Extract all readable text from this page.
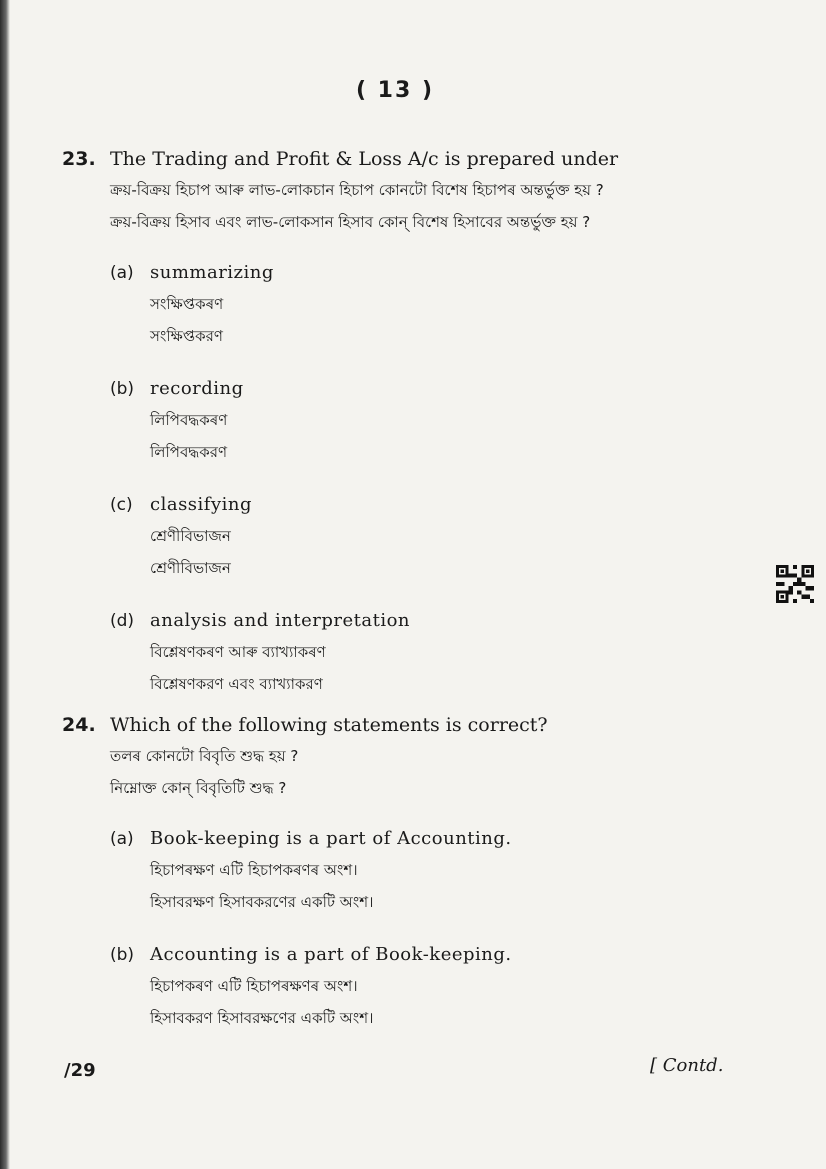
( 13 )
23. The Trading and Profit & Loss A/c is prepared under
ক্ৰয়-বিক্ৰয় হিচাপ আৰু লাভ-লোকচান হিচাপ কোনটো বিশেষ হিচাপৰ অন্তৰ্ভুক্ত হয় ?
ক্রয়-বিক্রয় হিসাব এবং লাভ-লোকসান হিসাব কোন্ বিশেষ হিসাবের অন্তর্ভুক্ত হয় ?
(a) summarizing
সংক্ষিপ্তকৰণ
সংক্ষিপ্তকরণ
(b) recording
লিপিবদ্ধকৰণ
লিপিবদ্ধকরণ
(c) classifying
শ্ৰেণীবিভাজন
শ্রেণীবিভাজন
(d) analysis and interpretation
বিশ্লেষণকৰণ আৰু ব্যাখ্যাকৰণ
বিশ্লেষণকরণ এবং ব্যাখ্যাকরণ
24. Which of the following statements is correct?
তলৰ কোনটো বিবৃতি শুদ্ধ হয় ?
নিম্নোক্ত কোন্ বিবৃতিটি শুদ্ধ ?
(a) Book-keeping is a part of Accounting.
হিচাপৰক্ষণ এটি হিচাপকৰণৰ অংশ।
হিসাবরক্ষণ হিসাবকরণের একটি অংশ।
(b) Accounting is a part of Book-keeping.
হিচাপকৰণ এটি হিচাপৰক্ষণৰ অংশ।
হিসাবকরণ হিসাবরক্ষণের একটি অংশ।
/29	[ Contd.
